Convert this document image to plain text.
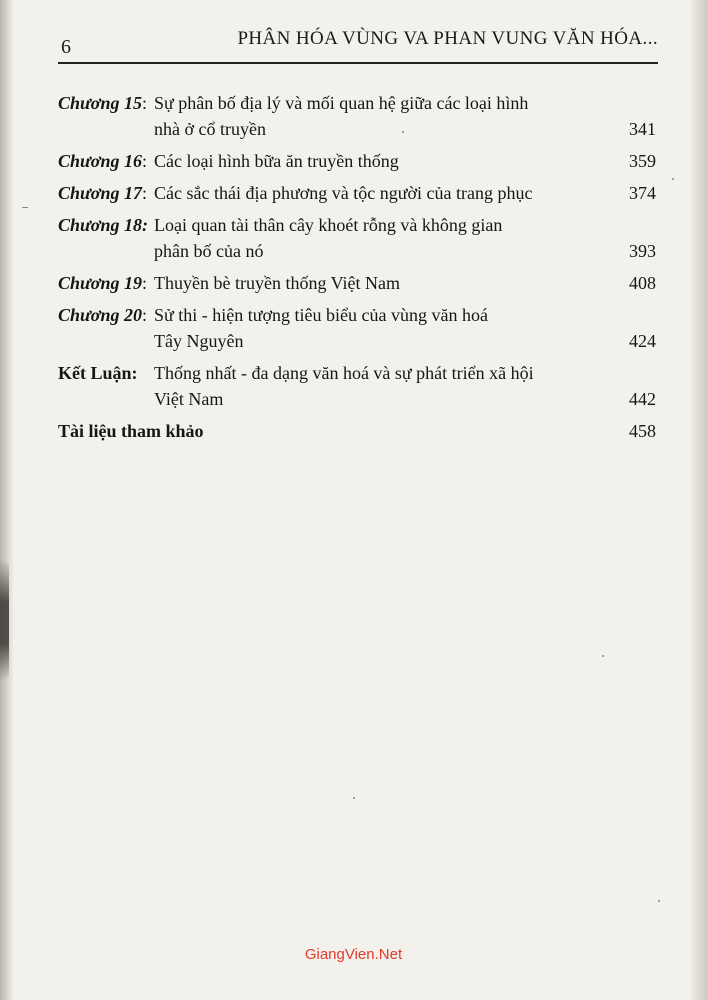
6	PHÂN HÓA VÙNG VA PHAN VUNG VĂN HÓA...
Chương 15: Sự phân bố địa lý và mối quan hệ giữa các loại hình
nhà ở cổ truyền	341
Chương 16: Các loại hình bữa ăn truyền thống	359
Chương 17: Các sắc thái địa phương và tộc người của trang phục	374
Chương 18: Loại quan tài thân cây khoét rỗng và không gian
phân bố của nó	393
Chương 19: Thuyền bè truyền thống Việt Nam	408
Chương 20: Sử thi - hiện tượng tiêu biểu của vùng văn hoá
Tây Nguyên	424
Kết Luận: Thống nhất - đa dạng văn hoá và sự phát triển xã hội
Việt Nam	442
Tài liệu tham khảo	458
GiangVien.Net
